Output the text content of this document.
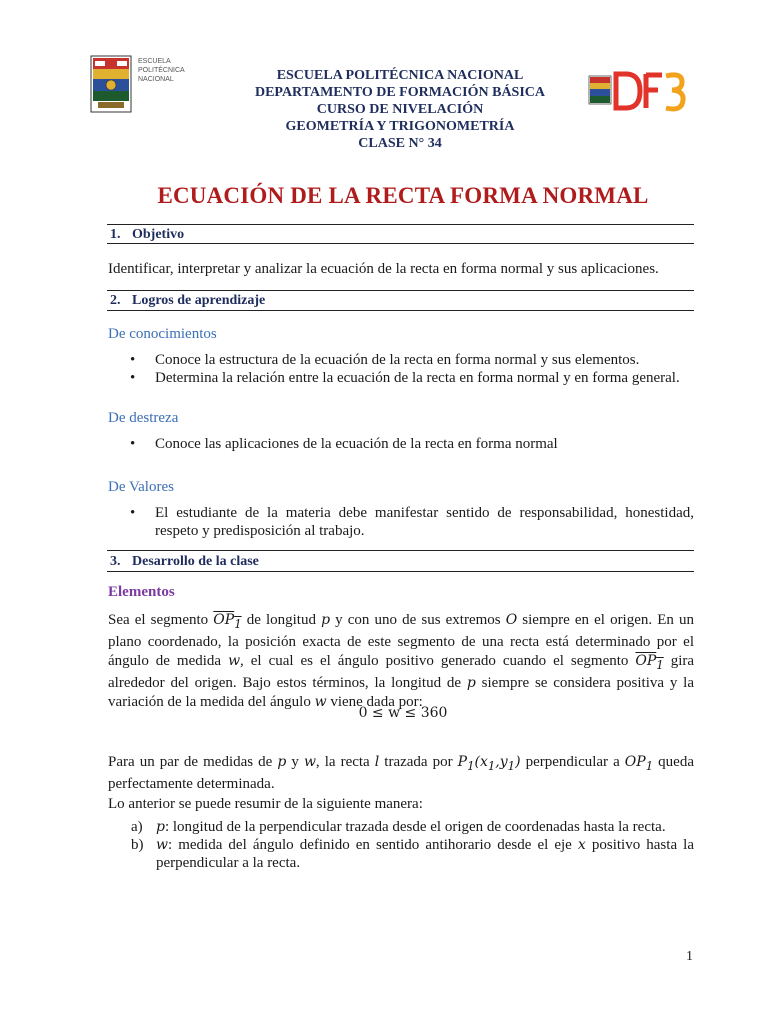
ESCUELA
POLITÉCNICA
NACIONAL	ESCUELA POLITÉCNICA NACIONAL
DEPARTAMENTO DE FORMACIÓN BÁSICA
CURSO DE NIVELACIÓN
GEOMETRÍA Y TRIGONOMETRÍA
CLASE N° 34
ECUACIÓN DE LA RECTA FORMA NORMAL
1. Objetivo
Identificar, interpretar y analizar la ecuación de la recta en forma normal y sus aplicaciones.
2. Logros de aprendizaje
De conocimientos
• Conoce la estructura de la ecuación de la recta en forma normal y sus elementos.
• Determina la relación entre la ecuación de la recta en forma normal y en forma general.
De destreza
• Conoce las aplicaciones de la ecuación de la recta en forma normal
De Valores
• El estudiante de la materia debe manifestar sentido de responsabilidad, honestidad, respeto y predisposición al trabajo.
3. Desarrollo de la clase
Elementos
Sea el segmento $OP_1$ de longitud p y con uno de sus extremos O siempre en el origen. En un plano coordenado, la posición exacta de este segmento de una recta está determinado por el ángulo de medida w, el cual es el ángulo positivo generado cuando el segmento $OP_1$ gira alrededor del origen. Bajo estos términos, la longitud de p siempre se considera positiva y la variación de la medida del ángulo w viene dada por:
0 ≤ w ≤ 360
Para un par de medidas de p y w, la recta l trazada por $P_1(x_1,y_1)$ perpendicular a $OP_1$ queda perfectamente determinada.
Lo anterior se puede resumir de la siguiente manera:
a) p: longitud de la perpendicular trazada desde el origen de coordenadas hasta la recta.
b) w: medida del ángulo definido en sentido antihorario desde el eje x positivo hasta la perpendicular a la recta.
1
